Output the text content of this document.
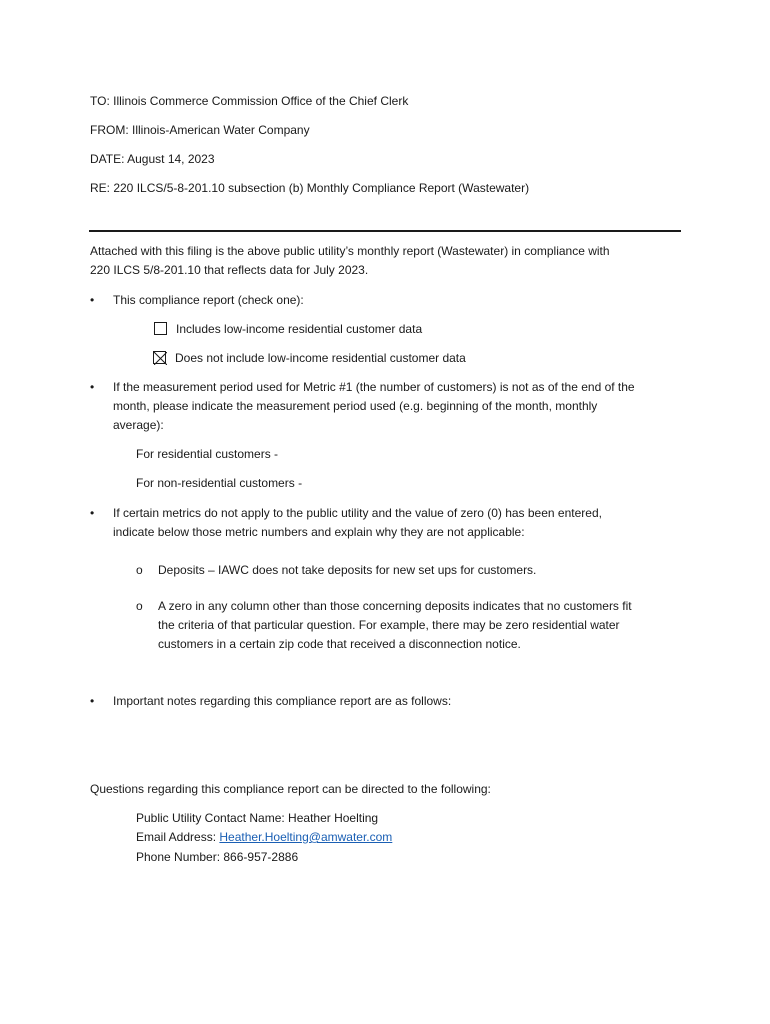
TO: Illinois Commerce Commission Office of the Chief Clerk
FROM: Illinois-American Water Company
DATE: August 14, 2023
RE: 220 ILCS/5-8-201.10 subsection (b) Monthly Compliance Report (Wastewater)
Attached with this filing is the above public utility’s monthly report (Wastewater) in compliance with
220 ILCS 5/8-201.10 that reflects data for July 2023.
• This compliance report (check one):
Includes low-income residential customer data
Does not include low-income residential customer data
• If the measurement period used for Metric #1 (the number of customers) is not as of the end of the
month, please indicate the measurement period used (e.g. beginning of the month, monthly
average):
For residential customers -
For non-residential customers -
• If certain metrics do not apply to the public utility and the value of zero (0) has been entered,
indicate below those metric numbers and explain why they are not applicable:
o Deposits – IAWC does not take deposits for new set ups for customers.
o A zero in any column other than those concerning deposits indicates that no customers fit
the criteria of that particular question. For example, there may be zero residential water
customers in a certain zip code that received a disconnection notice.
• Important notes regarding this compliance report are as follows:
Questions regarding this compliance report can be directed to the following:
Public Utility Contact Name: Heather Hoelting
Email Address: Heather.Hoelting@amwater.com
Phone Number: 866-957-2886
